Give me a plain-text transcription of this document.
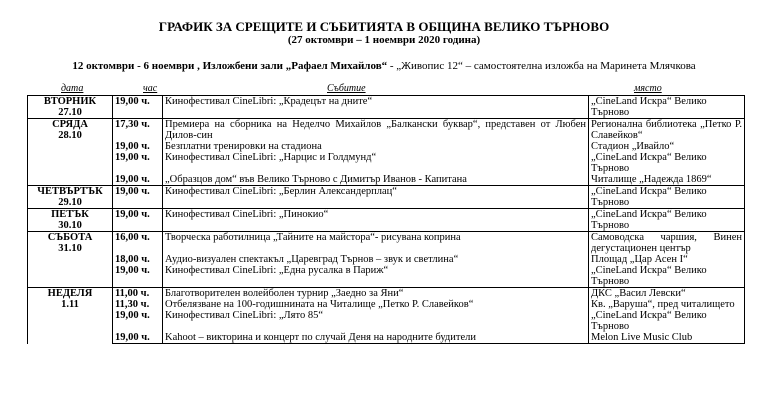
ГРАФИК ЗА СРЕЩИТЕ И СЪБИТИЯТА В ОБЩИНА ВЕЛИКО ТЪРНОВО
(27 октомври – 1 ноември 2020 година)
12 октомври - 6 ноември , Изложбени зали „Рафаел Михайлов“ - „Живопис 12“ – самостоятелна изложба на Маринета Млячкова
дата	час	Събитие	място
ВТОРНИК
27.10	19,00 ч.	Кинофестивал CineLibri: „Крадецът на дните“	„CineLand Искра“ Велико Търново

СРЯДА
28.10	17,30 ч.	Премиера на сборника на Неделчо Михайлов „Балкански буквар“, представен от Любен Дилов-син	Регионална библиотека „Петко Р. Славейков“
	19,00 ч.	Безплатни тренировки на стадиона	Стадион „Ивайло“
	19,00 ч.	Кинофестивал CineLibri: „Нарцис и Голдмунд“	„CineLand Искра“ Велико Търново
	19,00 ч.	„Образцов дом“ във Велико Търново с Димитър Иванов - Капитана	Читалище „Надежда 1869“

ЧЕТВЪРТЪК
29.10	19,00 ч.	Кинофестивал CineLibri: „Берлин Александерплац“	„CineLand Искра“ Велико Търново

ПЕТЪК
30.10	19,00 ч.	Кинофестивал CineLibri: „Пинокио“	„CineLand Искра“ Велико Търново

СЪБОТА
31.10	16,00 ч.	Творческа работилница „Тайните на майстора“- рисувана коприна	Самоводска чаршия, Винен дегустационен център
	18,00 ч.	Аудио-визуален спектакъл „Царевград Търнов – звук и светлина“	Площад „Цар Асен I“
	19,00 ч.	Кинофестивал CineLibri: „Една русалка в Париж“	„CineLand Искра“ Велико Търново

НЕДЕЛЯ
1.11	11,00 ч.	Благотворителен волейболен турнир „Заедно за Яни“	ДКС „Васил Левски“
	11,30 ч.	Отбелязване на 100-годишнината на Читалище „Петко Р. Славейков“	Кв. „Варуша“, пред читалището
	19,00 ч.	Кинофестивал CineLibri: „Лято 85“	„CineLand Искра“ Велико Търново
	19,00 ч.	Kahoot – викторина и концерт по случай Деня на народните будители	Melon Live Music Club
